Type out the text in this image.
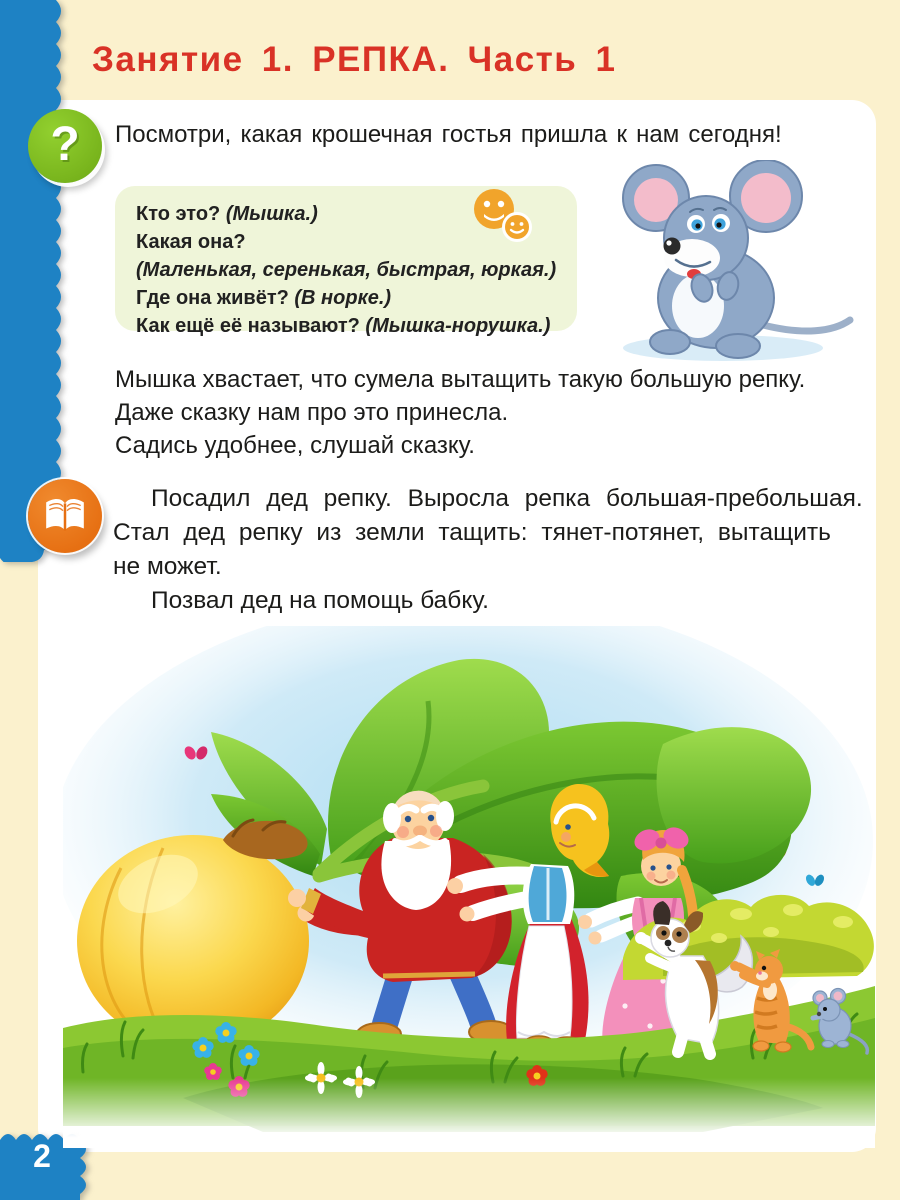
2
Занятие 1. РЕПКА. Часть 1
?	Посмотри, какая крошечная гостья пришла к нам сегодня!
Кто это? (Мышка.)
Какая она?
(Маленькая, серенькая, быстрая, юркая.)
Где она живёт? (В норке.)
Как ещё её называют? (Мышка-норушка.)
Мышка хвастает, что сумела вытащить такую большую репку.
Даже сказку нам про это принесла.
Садись удобнее, слушай сказку.
Посадил дед репку. Выросла репка большая-пребольшая.
Стал дед репку из земли тащить: тянет-потянет, вытащить
не может.
Позвал дед на помощь бабку.
